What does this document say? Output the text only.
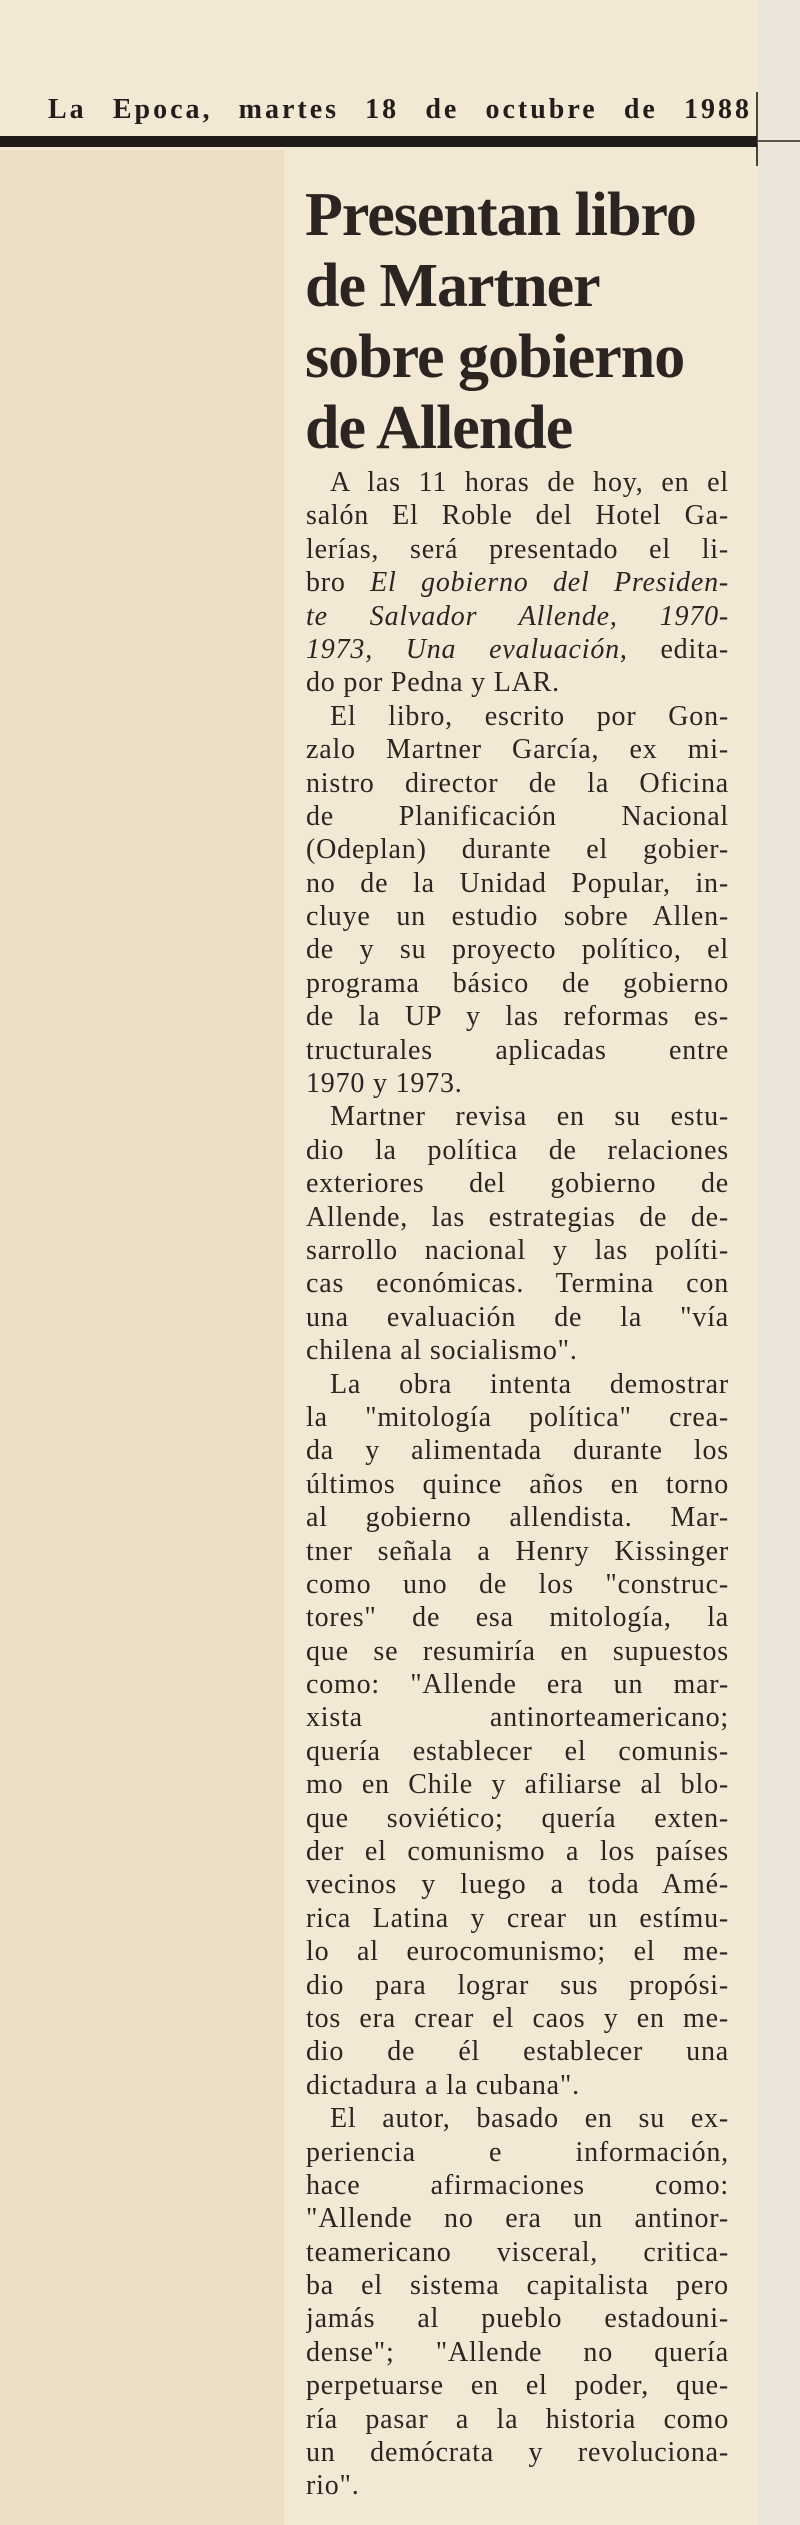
La Epoca, martes 18 de octubre de 1988
Presentan libro
de Martner
sobre gobierno
de Allende
A las 11 horas de hoy, en el
salón El Roble del Hotel Ga-
lerías, será presentado el li-
bro El gobierno del Presiden-
te Salvador Allende, 1970-
1973, Una evaluación, edita-
do por Pedna y LAR.
El libro, escrito por Gon-
zalo Martner García, ex mi-
nistro director de la Oficina
de Planificación Nacional
(Odeplan) durante el gobier-
no de la Unidad Popular, in-
cluye un estudio sobre Allen-
de y su proyecto político, el
programa básico de gobierno
de la UP y las reformas es-
tructurales aplicadas entre
1970 y 1973.
Martner revisa en su estu-
dio la política de relaciones
exteriores del gobierno de
Allende, las estrategias de de-
sarrollo nacional y las políti-
cas económicas. Termina con
una evaluación de la "vía
chilena al socialismo".
La obra intenta demostrar
la "mitología política" crea-
da y alimentada durante los
últimos quince años en torno
al gobierno allendista. Mar-
tner señala a Henry Kissinger
como uno de los "construc-
tores" de esa mitología, la
que se resumiría en supuestos
como: "Allende era un mar-
xista antinorteamericano;
quería establecer el comunis-
mo en Chile y afiliarse al blo-
que soviético; quería exten-
der el comunismo a los países
vecinos y luego a toda Amé-
rica Latina y crear un estímu-
lo al eurocomunismo; el me-
dio para lograr sus propósi-
tos era crear el caos y en me-
dio de él establecer una
dictadura a la cubana".
El autor, basado en su ex-
periencia e información,
hace afirmaciones como:
"Allende no era un antinor-
teamericano visceral, critica-
ba el sistema capitalista pero
jamás al pueblo estadouni-
dense"; "Allende no quería
perpetuarse en el poder, que-
ría pasar a la historia como
un demócrata y revoluciona-
rio".
